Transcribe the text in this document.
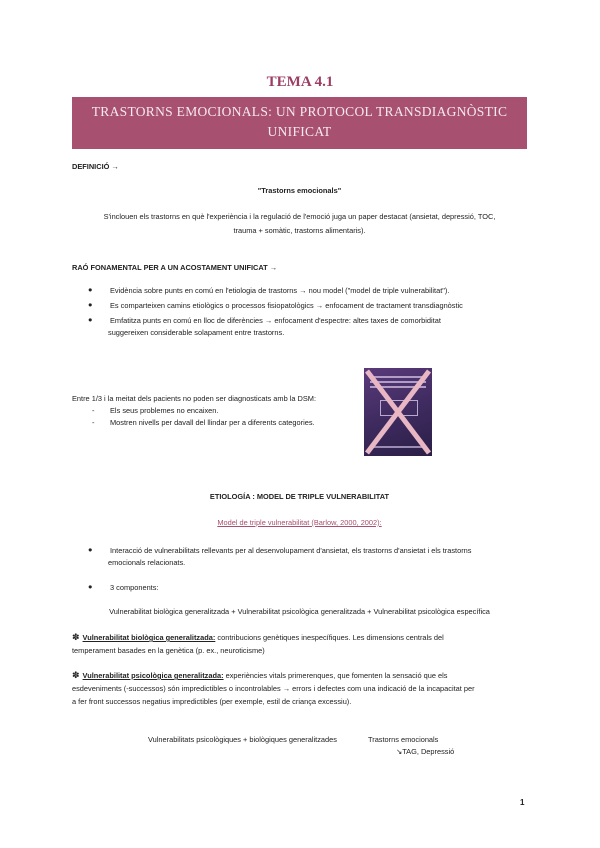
TEMA 4.1
TRASTORNS EMOCIONALS: UN PROTOCOL TRANSDIAGNÒSTIC
UNIFICAT
DEFINICIÓ →
"Trastorns emocionals"
S'inclouen els trastorns en què l'experiència i la regulació de l'emoció juga un paper destacat (ansietat, depressió, TOC,
trauma + somàtic, trastorns alimentaris).
RAÓ FONAMENTAL PER A UN ACOSTAMENT UNIFICAT →
● Evidència sobre punts en comú en l'etiologia de trastorns → nou model ("model de triple vulnerabilitat").
● Es comparteixen camins etiològics o processos fisiopatològics → enfocament de tractament transdiagnòstic
● Emfatitza punts en comú en lloc de diferències → enfocament d'espectre: altes taxes de comorbiditat
suggereixen considerable solapament entre trastorns.
Entre 1/3 i la meitat dels pacients no poden ser diagnosticats amb la DSM:
- Els seus problemes no encaixen.
- Mostren nivells per davall del llindar per a diferents categories.
ETIOLOGÍA : MODEL DE TRIPLE VULNERABILITAT
Model de triple vulnerabilitat (Barlow, 2000, 2002):
● Interacció de vulnerabilitats rellevants per al desenvolupament d'ansietat, els trastorns d'ansietat i els trastorns
emocionals relacionats.
● 3 components:
Vulnerabilitat biològica generalitzada + Vulnerabilitat psicològica generalitzada + Vulnerabilitat psicològica específica
✽ Vulnerabilitat biològica generalitzada: contribucions genètiques inespecífiques. Les dimensions centrals del
temperament basades en la genètica (p. ex., neuroticisme)
✽ Vulnerabilitat psicològica generalitzada: experiències vitals primerenques, que fomenten la sensació que els
esdeveniments (-successos) són impredictibles o incontrolables → errors i defectes com una indicació de la incapacitat per
a fer front successos negatius impredictibles (per exemple, estil de criança excessiu).
Vulnerabilitats psicològiques + biològiques generalitzades	Trastorns emocionals
↘TAG, Depressió
1
